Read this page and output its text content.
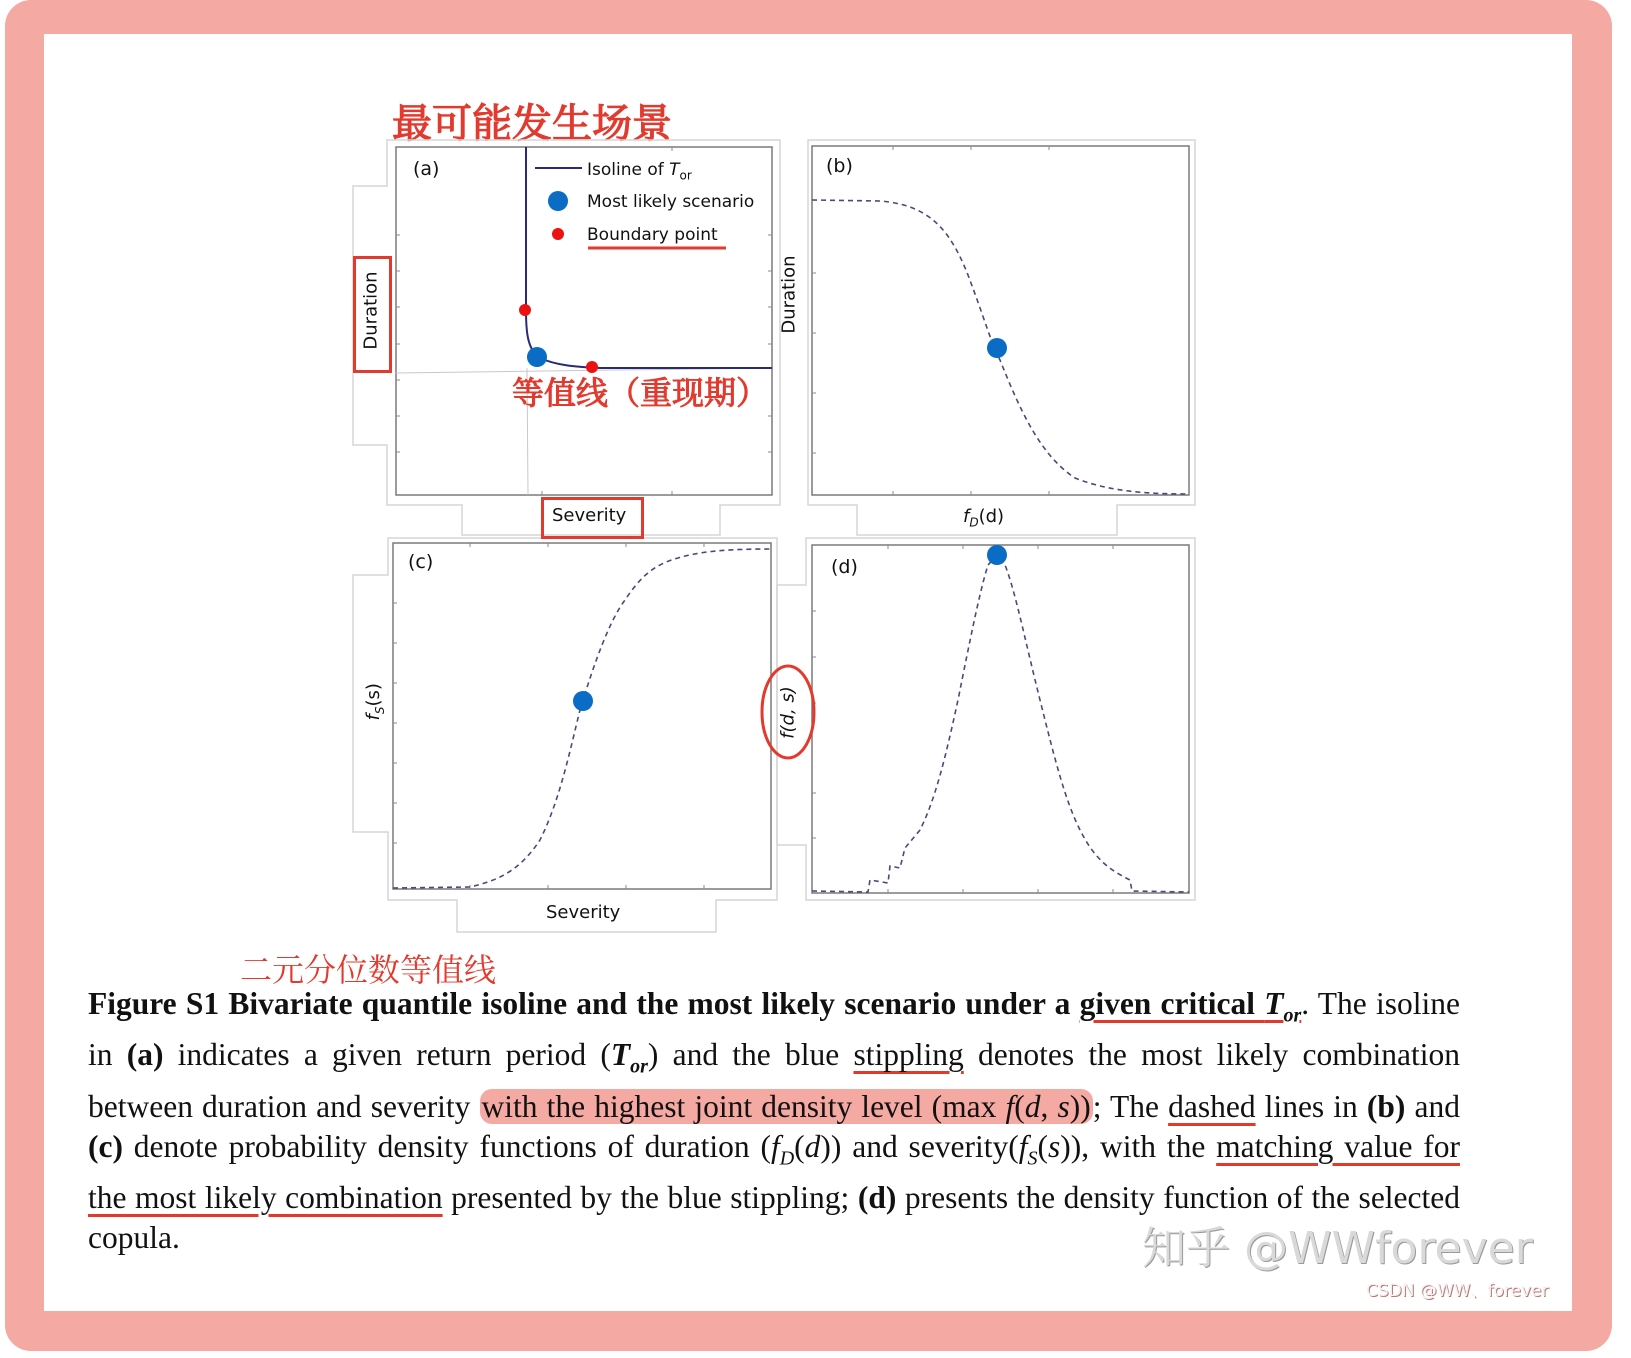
最可能发生场景
(a)	(b)
(c)	(d)
Isoline of $T_{or}$
Most likely scenario
Boundary point
Duration
Severity
Duration
$f_D(d)$
$f_S(s)$
Severity
f(d, s)
等值线（重现期）
二元分位数等值线
Figure S1 Bivariate quantile isoline and the most likely scenario under a given critical $T_{or}$. The isoline in (a) indicates a given return period $(T_{or})$ and the blue stippling denotes the most likely combination between duration and severity with the highest joint density level (max f(d, s)); The dashed lines in (b) and (c) denote probability density functions of duration $(f_D(d))$ and $severity(f_S(s))$, with the matching value for the most likely combination presented by the blue stippling; (d) presents the density function of the selected copula.	知乎 @WWforever
CSDN @WW、forever
